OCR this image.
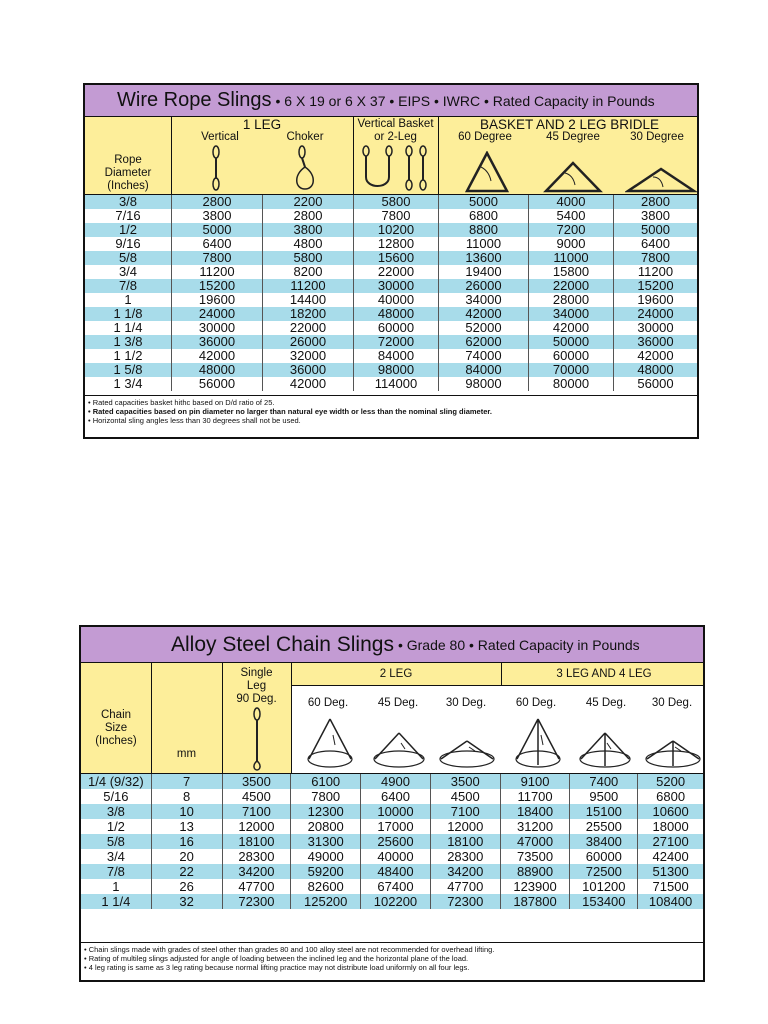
Wire Rope Slings • 6 X 19 or 6 X 37 • EIPS • IWRC • Rated Capacity in Pounds
Rope
Diameter
(Inches)
1 LEG
Vertical	Choker
Vertical Basket
or 2-Leg
BASKET AND 2 LEG BRIDLE
60 Degree	45 Degree	30 Degree
3/8	2800	2200	5800	5000	4000	2800
7/16	3800	2800	7800	6800	5400	3800
1/2	5000	3800	10200	8800	7200	5000
9/16	6400	4800	12800	11000	9000	6400
5/8	7800	5800	15600	13600	11000	7800
3/4	11200	8200	22000	19400	15800	11200
7/8	15200	11200	30000	26000	22000	15200
1	19600	14400	40000	34000	28000	19600
1 1/8	24000	18200	48000	42000	34000	24000
1 1/4	30000	22000	60000	52000	42000	30000
1 3/8	36000	26000	72000	62000	50000	36000
1 1/2	42000	32000	84000	74000	60000	42000
1 5/8	48000	36000	98000	84000	70000	48000
1 3/4	56000	42000	114000	98000	80000	56000
• Rated capacities basket hithc based on D/d ratio of 25.
• Rated capacities based on pin diameter no larger than natural eye width or less than the nominal sling diameter.
• Horizontal sling angles less than 30 degrees shall not be used.
Alloy Steel Chain Slings • Grade 80 • Rated Capacity in Pounds
Chain
Size
(Inches)
mm
Single
Leg
90 Deg.
2 LEG	3 LEG AND 4 LEG
60 Deg.	45 Deg.	30 Deg.	60 Deg.	45 Deg.	30 Deg.
1/4 (9/32)	7	3500	6100	4900	3500	9100	7400	5200
5/16	8	4500	7800	6400	4500	11700	9500	6800
3/8	10	7100	12300	10000	7100	18400	15100	10600
1/2	13	12000	20800	17000	12000	31200	25500	18000
5/8	16	18100	31300	25600	18100	47000	38400	27100
3/4	20	28300	49000	40000	28300	73500	60000	42400
7/8	22	34200	59200	48400	34200	88900	72500	51300
1	26	47700	82600	67400	47700	123900	101200	71500
1 1/4	32	72300	125200	102200	72300	187800	153400	108400
• Chain slings made with grades of steel other than grades 80 and 100 alloy steel are not recommended for overhead lifting.
• Rating of multileg slings adjusted for angle of loading between the inclined leg and the horizontal plane of the load.
• 4 leg rating is same as 3 leg rating because normal lifting practice may not distribute load uniformly on all four legs.
